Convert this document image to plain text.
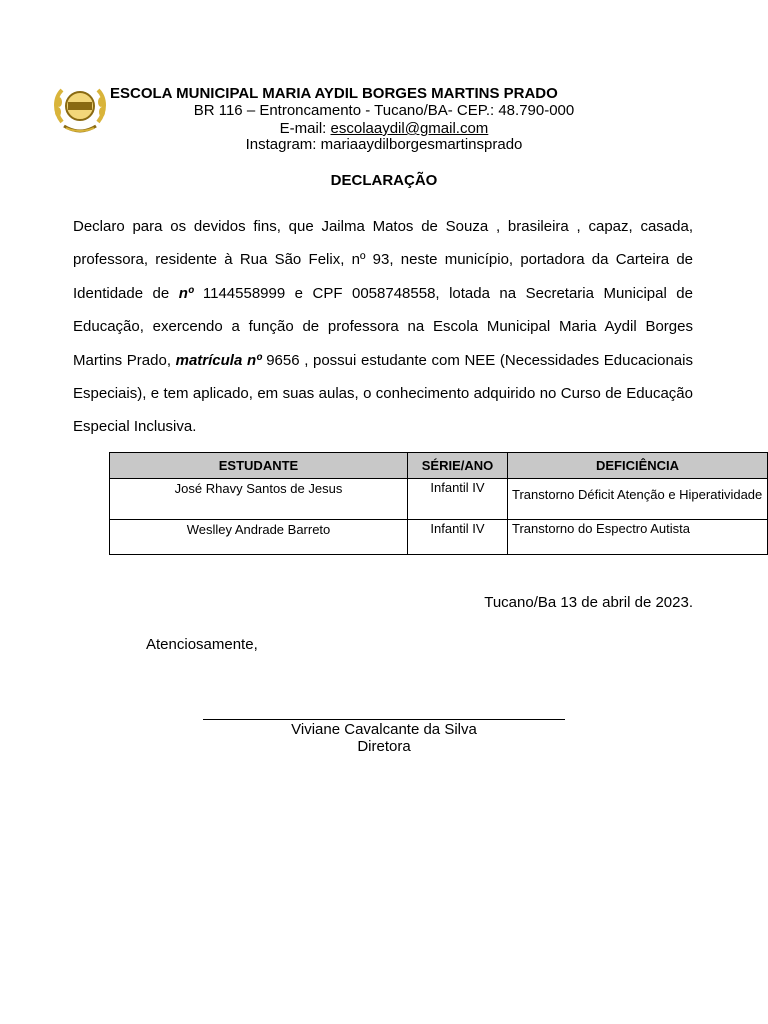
ESCOLA MUNICIPAL MARIA AYDIL BORGES MARTINS PRADO
BR 116 – Entroncamento - Tucano/BA- CEP.: 48.790-000
E-mail: escolaaydil@gmail.com
Instagram: mariaaydilborgesmartinsprado
DECLARAÇÃO

Declaro para os devidos fins, que Jailma Matos de Souza , brasileira , capaz, casada, professora, residente à Rua São Felix, nº 93, neste município, portadora da Carteira de Identidade de nº 1144558999 e CPF 0058748558, lotada na Secretaria Municipal de Educação, exercendo a função de professora na Escola Municipal Maria Aydil Borges Martins Prado, matrícula nº 9656 , possui estudante com NEE (Necessidades Educacionais Especiais), e tem aplicado, em suas aulas, o conhecimento adquirido no Curso de Educação Especial Inclusiva.

ESTUDANTE	SÉRIE/ANO	DEFICIÊNCIA
José Rhavy Santos de Jesus	Infantil IV	Transtorno Déficit Atenção e Hiperatividade
Weslley Andrade Barreto	Infantil IV	Transtorno do Espectro Autista
Tucano/Ba 13 de abril de 2023.
Atenciosamente,
Viviane Cavalcante da Silva
Diretora
